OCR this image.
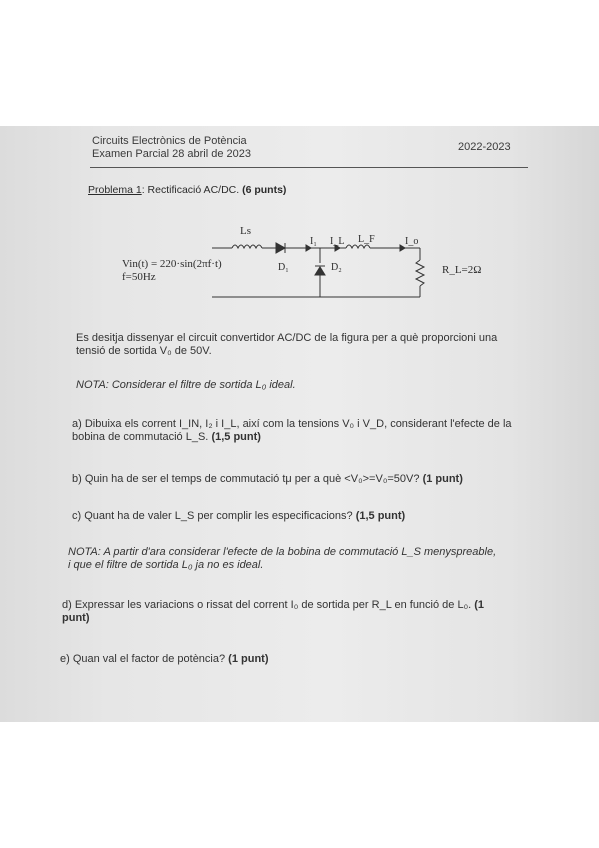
Circuits Electrònics de Potència
Examen Parcial 28 abril de 2023
2022-2023
Problema 1: Rectificació AC/DC. (6 punts)
Ls
Vin(t) = 220·sin(2πf·t)
f=50Hz
D₁	D₂
I₁ I_L L_F	I_o
R_L=2Ω
Es desitja dissenyar el circuit convertidor AC/DC de la figura per a què proporcioni una
tensió de sortida V₀ de 50V.
NOTA: Considerar el filtre de sortida L₀ ideal.
a) Dibuixa els corrent I_IN, I₂ i I_L, així com la tensions V₀ i V_D, considerant l'efecte de la
bobina de commutació L_S. (1,5 punt)
b) Quin ha de ser el temps de commutació tμ per a què <V₀>=V₀=50V? (1 punt)
c) Quant ha de valer L_S per complir les especificacions? (1,5 punt)
NOTA: A partir d'ara considerar l'efecte de la bobina de commutació L_S menyspreable,
i que el filtre de sortida L₀ ja no es ideal.
d) Expressar les variacions o rissat del corrent I₀ de sortida per R_L en funció de L₀. (1
punt)
e) Quan val el factor de potència? (1 punt)
